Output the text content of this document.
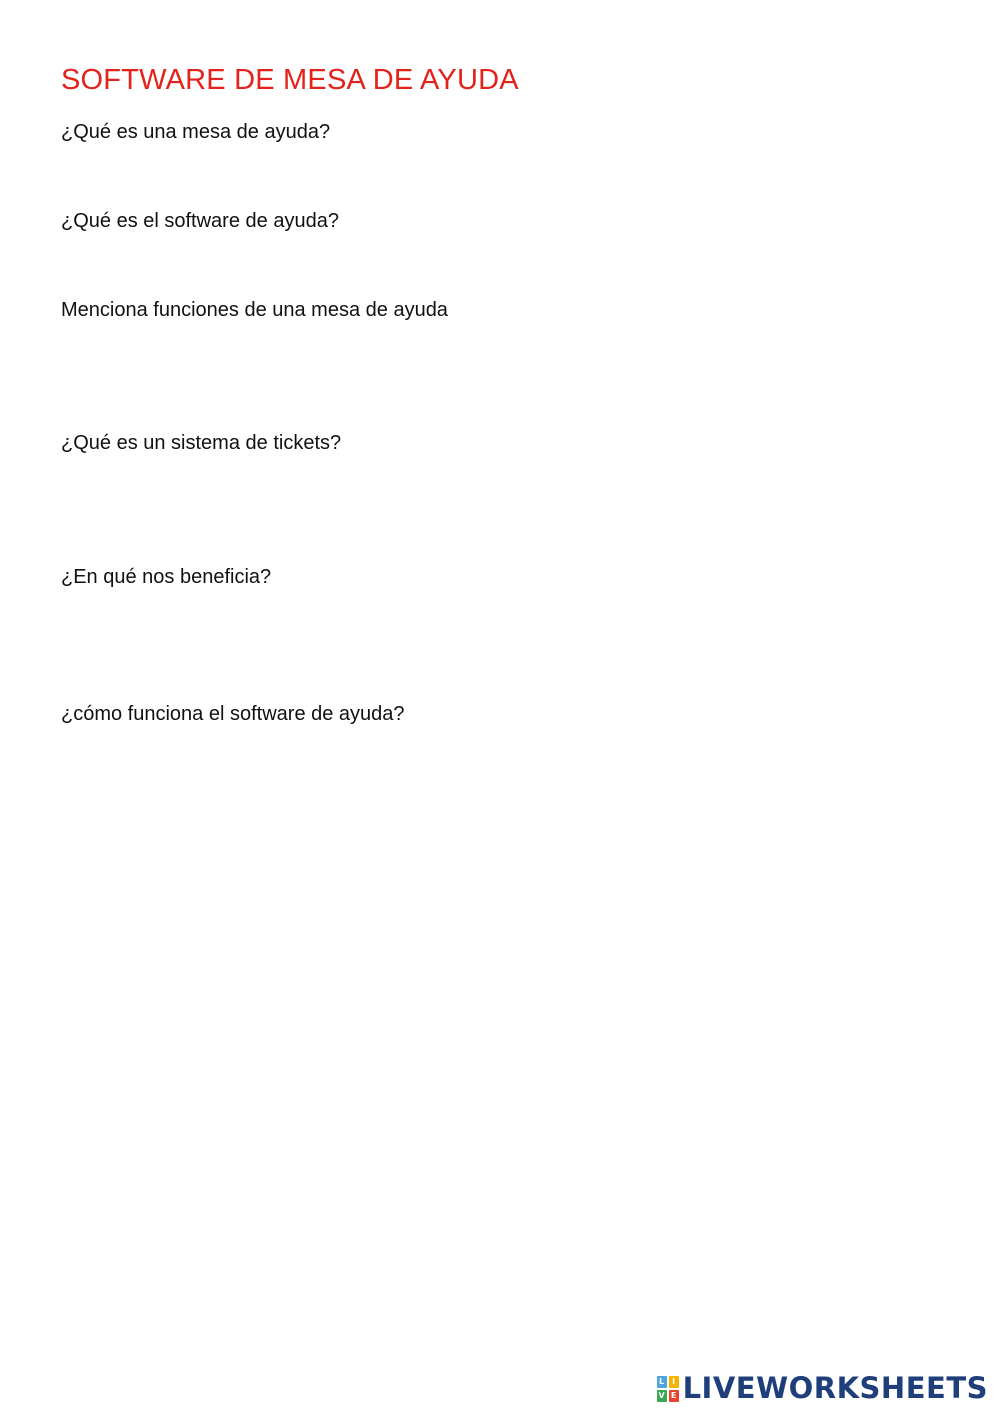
SOFTWARE DE MESA DE AYUDA
¿Qué es una mesa de ayuda?
¿Qué es el software de ayuda?
Menciona funciones de una mesa de ayuda
¿Qué es un sistema de tickets?
¿En qué nos beneficia?
¿cómo funciona el software de ayuda?
L I
V E LIVEWORKSHEETS
